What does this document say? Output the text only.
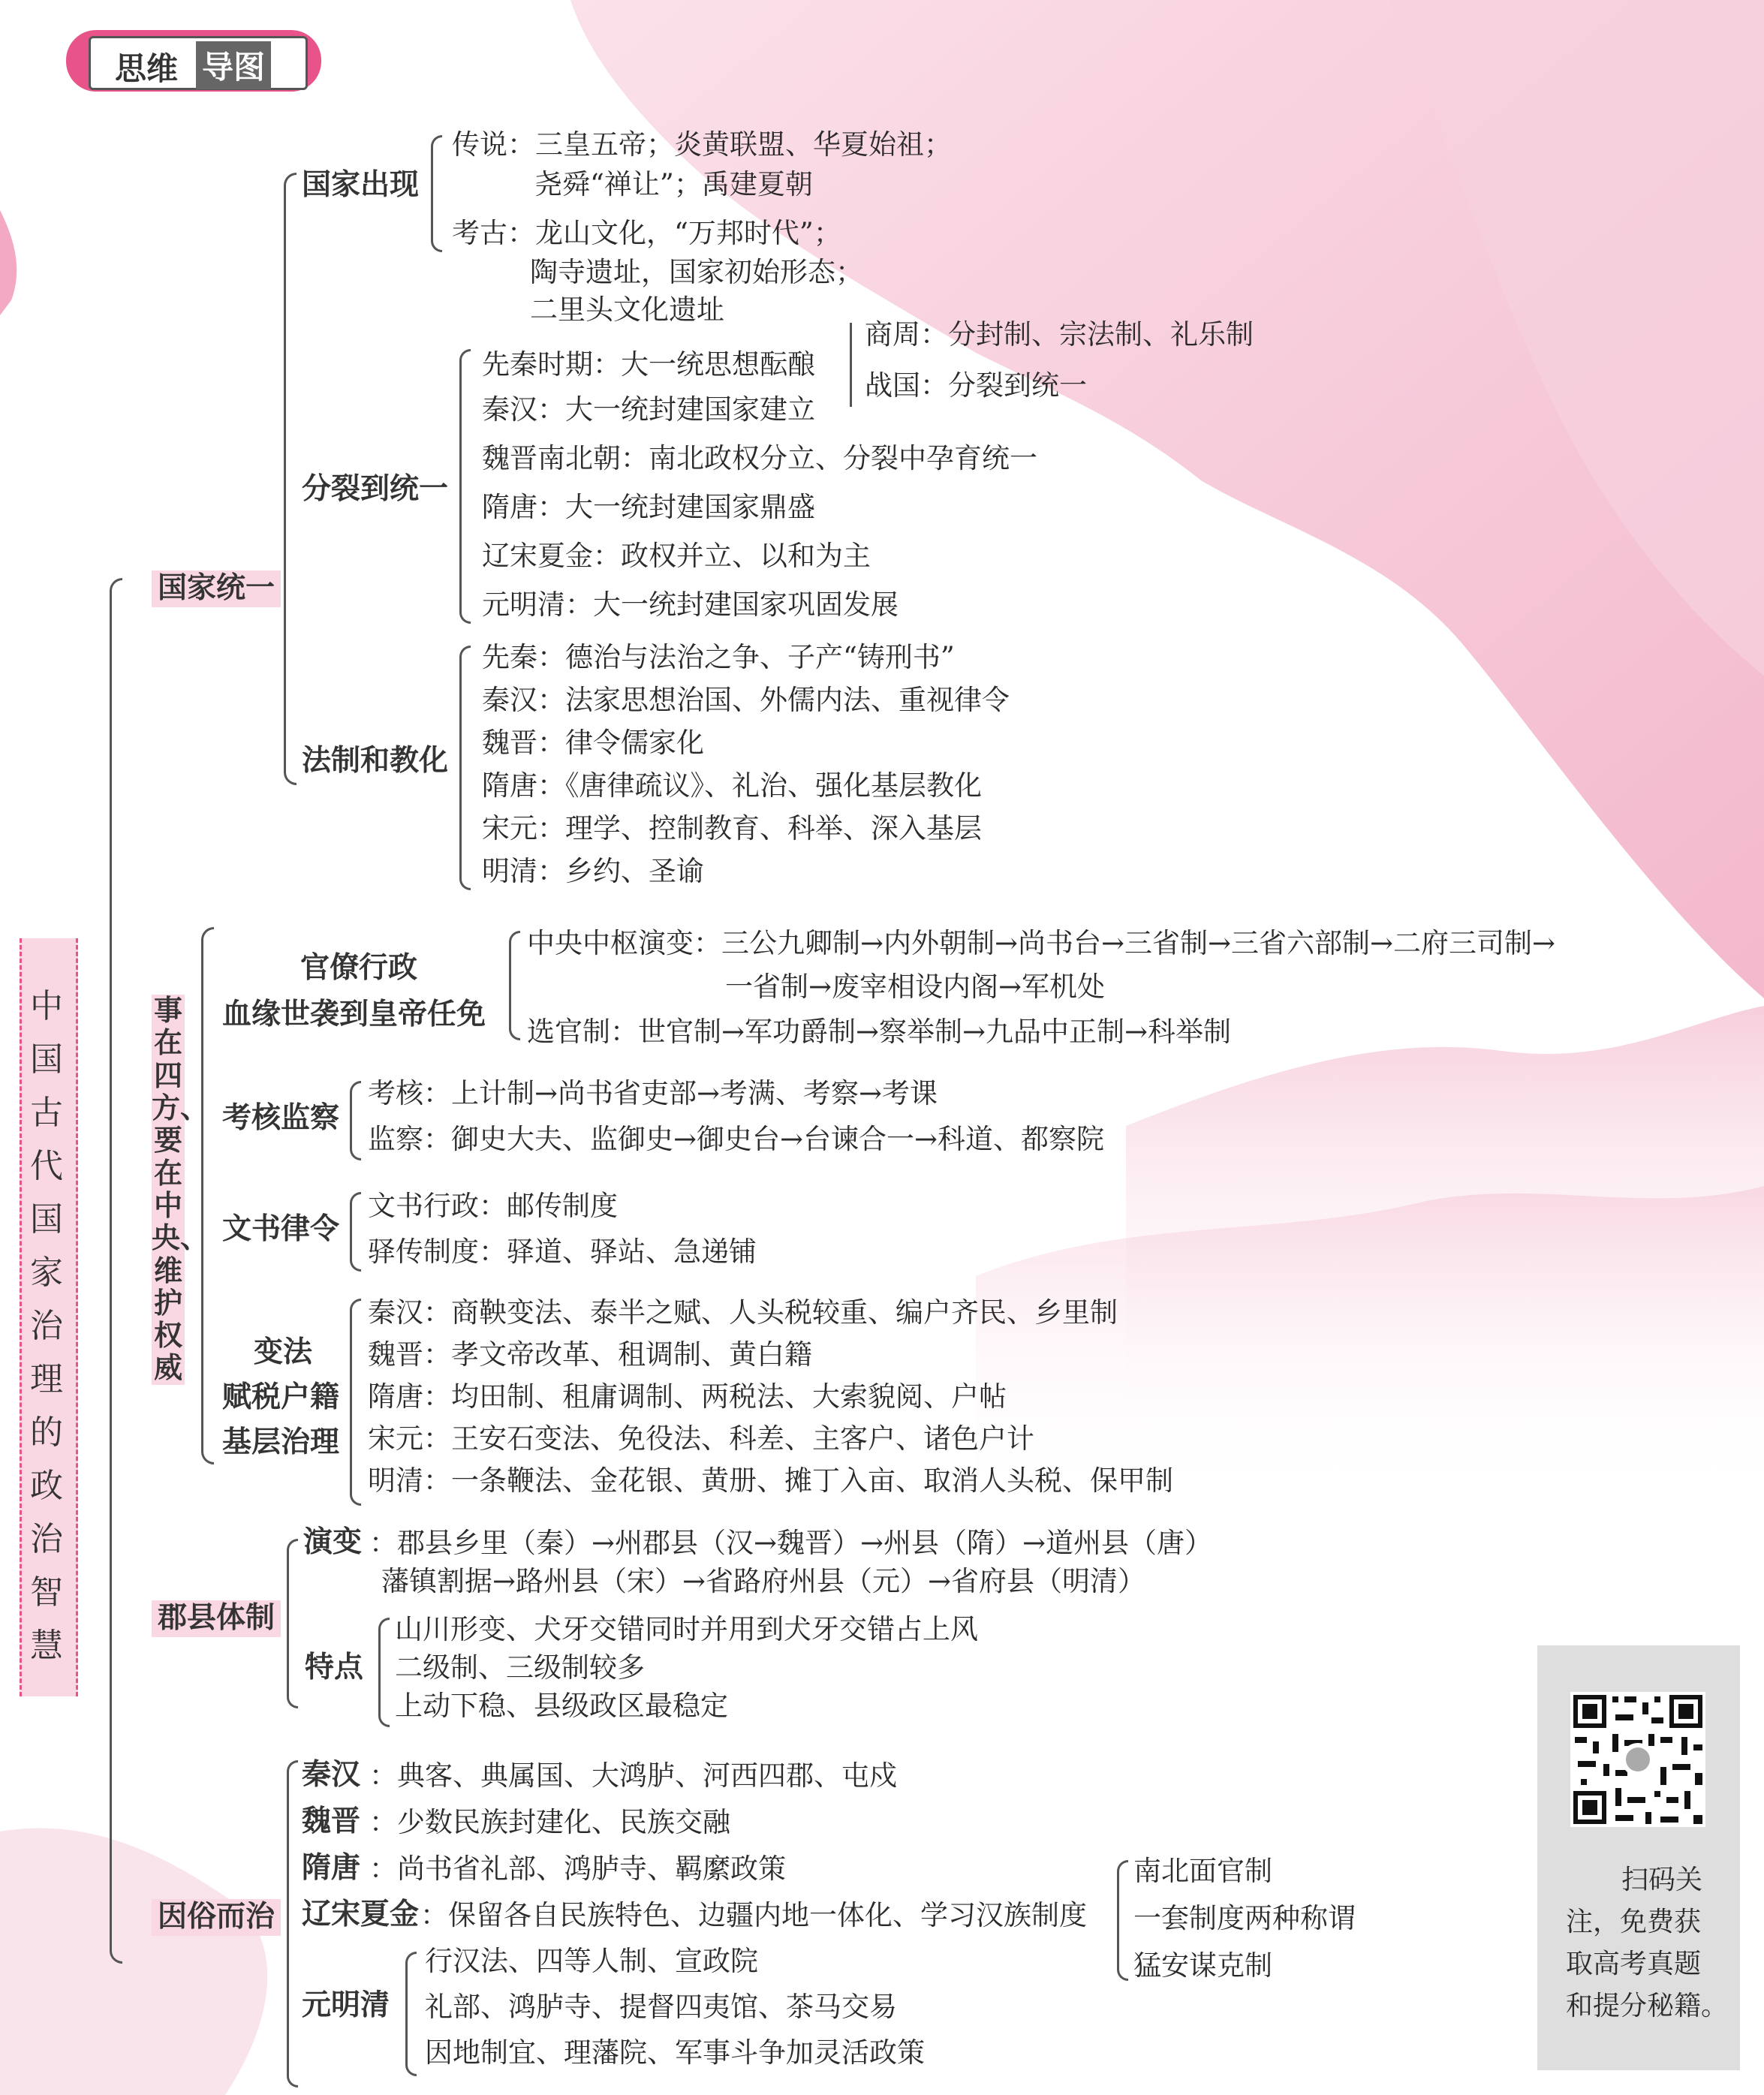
思维 导图
中国古代国家治理的政治智慧
国家统一
国家出现
传说：三皇五帝；炎黄联盟、华夏始祖；
尧舜“禅让”；禹建夏朝
考古：龙山文化，“万邦时代”；
陶寺遗址，国家初始形态；
二里头文化遗址
分裂到统一
先秦时期：大一统思想酝酿
秦汉：大一统封建国家建立
魏晋南北朝：南北政权分立、分裂中孕育统一
隋唐：大一统封建国家鼎盛
辽宋夏金：政权并立、以和为主
元明清：大一统封建国家巩固发展
商周：分封制、宗法制、礼乐制
战国：分裂到统一
法制和教化
先秦：德治与法治之争、子产“铸刑书”
秦汉：法家思想治国、外儒内法、重视律令
魏晋：律令儒家化
隋唐：《唐律疏议》、礼治、强化基层教化
宋元：理学、控制教育、科举、深入基层
明清：乡约、圣谕
事在四方、要在中央、维护权威
官僚行政
血缘世袭到皇帝任免
中央中枢演变：三公九卿制→内外朝制→尚书台→三省制→三省六部制→二府三司制→
一省制→废宰相设内阁→军机处
选官制：世官制→军功爵制→察举制→九品中正制→科举制
考核监察
考核：上计制→尚书省吏部→考满、考察→考课
监察：御史大夫、监御史→御史台→台谏合一→科道、都察院
文书律令
文书行政：邮传制度
驿传制度：驿道、驿站、急递铺
变法
赋税户籍
基层治理
秦汉：商鞅变法、泰半之赋、人头税较重、编户齐民、乡里制
魏晋：孝文帝改革、租调制、黄白籍
隋唐：均田制、租庸调制、两税法、大索貌阅、户帖
宋元：王安石变法、免役法、科差、主客户、诸色户计
明清：一条鞭法、金花银、黄册、摊丁入亩、取消人头税、保甲制
郡县体制
演变 ：郡县乡里（秦）→州郡县（汉→魏晋）→州县（隋）→道州县（唐）
藩镇割据→路州县（宋）→省路府州县（元）→省府县（明清）
特点
山川形变、犬牙交错同时并用到犬牙交错占上风
二级制、三级制较多
上动下稳、县级政区最稳定
因俗而治
秦汉 ：典客、典属国、大鸿胪、河西四郡、屯戍
魏晋 ：少数民族封建化、民族交融
隋唐 ：尚书省礼部、鸿胪寺、羁縻政策
辽宋夏金 ：保留各自民族特色、边疆内地一体化、学习汉族制度
南北面官制
一套制度两种称谓
猛安谋克制
元明清
行汉法、四等人制、宣政院
礼部、鸿胪寺、提督四夷馆、茶马交易
因地制宜、理藩院、军事斗争加灵活政策
扫码关
注，免费获
取高考真题
和提分秘籍。
